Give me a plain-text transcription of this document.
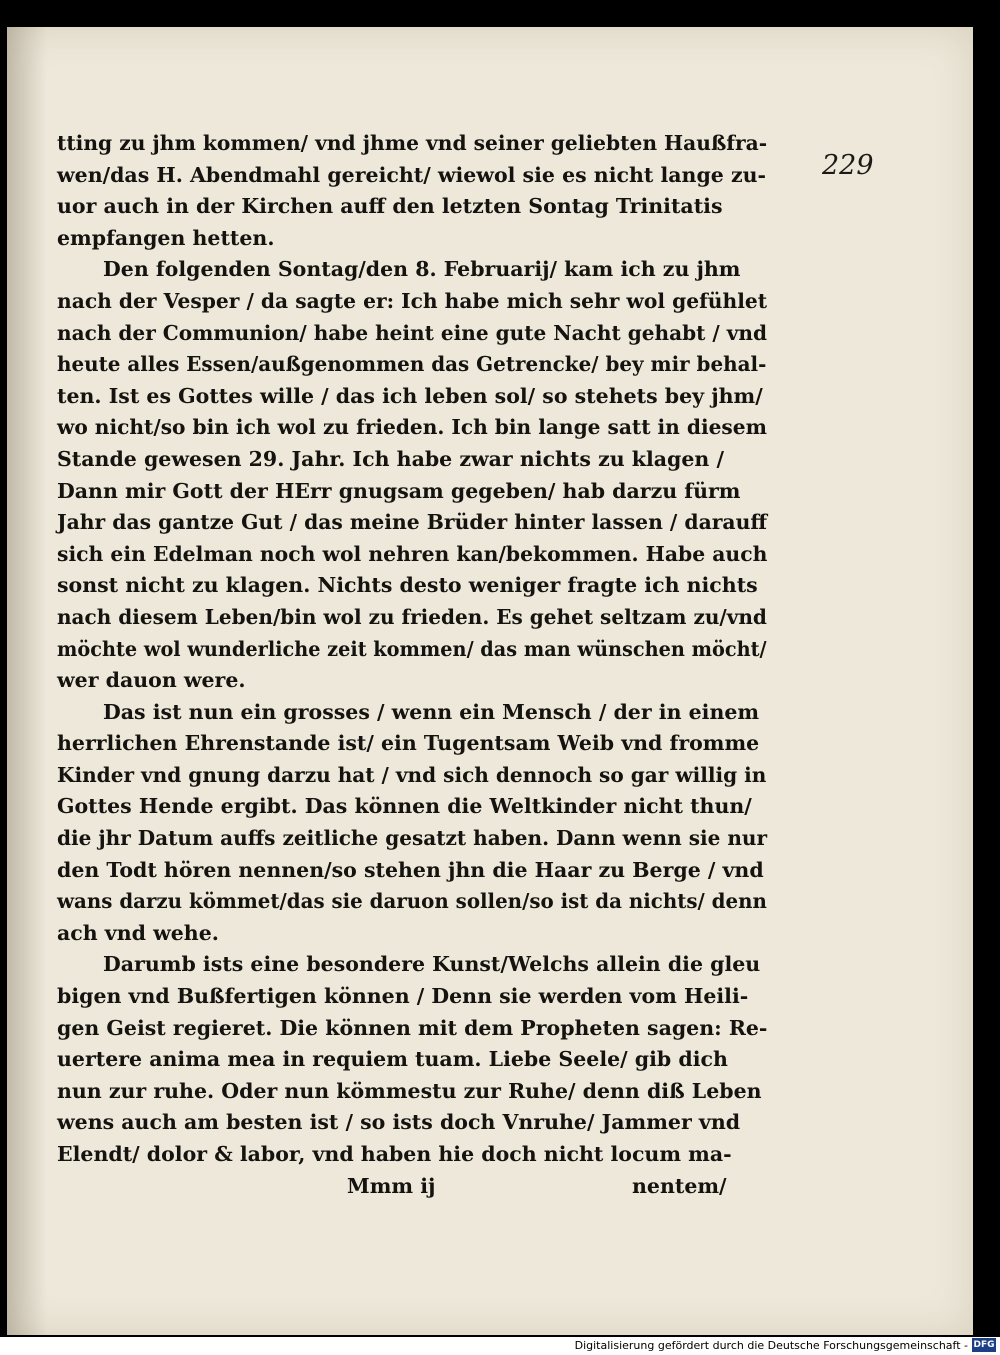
229
tting zu jhm kommen/ vnd jhme vnd seiner geliebten Haußfra-
wen/das H. Abendmahl gereicht/ wiewol sie es nicht lange zu-
uor auch in der Kirchen auff den letzten Sontag Trinitatis
empfangen hetten.
Den folgenden Sontag/den 8. Februarij/ kam ich zu jhm
nach der Vesper / da sagte er: Ich habe mich sehr wol gefühlet
nach der Communion/ habe heint eine gute Nacht gehabt / vnd
heute alles Essen/außgenommen das Getrencke/ bey mir behal-
ten. Ist es Gottes wille / das ich leben sol/ so stehets bey jhm/
wo nicht/so bin ich wol zu frieden. Ich bin lange satt in diesem
Stande gewesen 29. Jahr. Ich habe zwar nichts zu klagen /
Dann mir Gott der HErr gnugsam gegeben/ hab darzu fürm
Jahr das gantze Gut / das meine Brüder hinter lassen / darauff
sich ein Edelman noch wol nehren kan/bekommen. Habe auch
sonst nicht zu klagen. Nichts desto weniger fragte ich nichts
nach diesem Leben/bin wol zu frieden. Es gehet seltzam zu/vnd
möchte wol wunderliche zeit kommen/ das man wünschen möcht/
wer dauon were.
Das ist nun ein grosses / wenn ein Mensch / der in einem
herrlichen Ehrenstande ist/ ein Tugentsam Weib vnd fromme
Kinder vnd gnung darzu hat / vnd sich dennoch so gar willig in
Gottes Hende ergibt. Das können die Weltkinder nicht thun/
die jhr Datum auffs zeitliche gesatzt haben. Dann wenn sie nur
den Todt hören nennen/so stehen jhn die Haar zu Berge / vnd
wans darzu kömmet/das sie daruon sollen/so ist da nichts/ denn
ach vnd wehe.
Darumb ists eine besondere Kunst/Welchs allein die gleu
bigen vnd Bußfertigen können / Denn sie werden vom Heili-
gen Geist regieret. Die können mit dem Propheten sagen: Re-
uertere anima mea in requiem tuam. Liebe Seele/ gib dich
nun zur ruhe. Oder nun kömmestu zur Ruhe/ denn diß Leben
wens auch am besten ist / so ists doch Vnruhe/ Jammer vnd
Elendt/ dolor & labor, vnd haben hie doch nicht locum ma-
Mmm ij	nentem/
Digitalisierung gefördert durch die Deutsche Forschungsgemeinschaft - DFG
